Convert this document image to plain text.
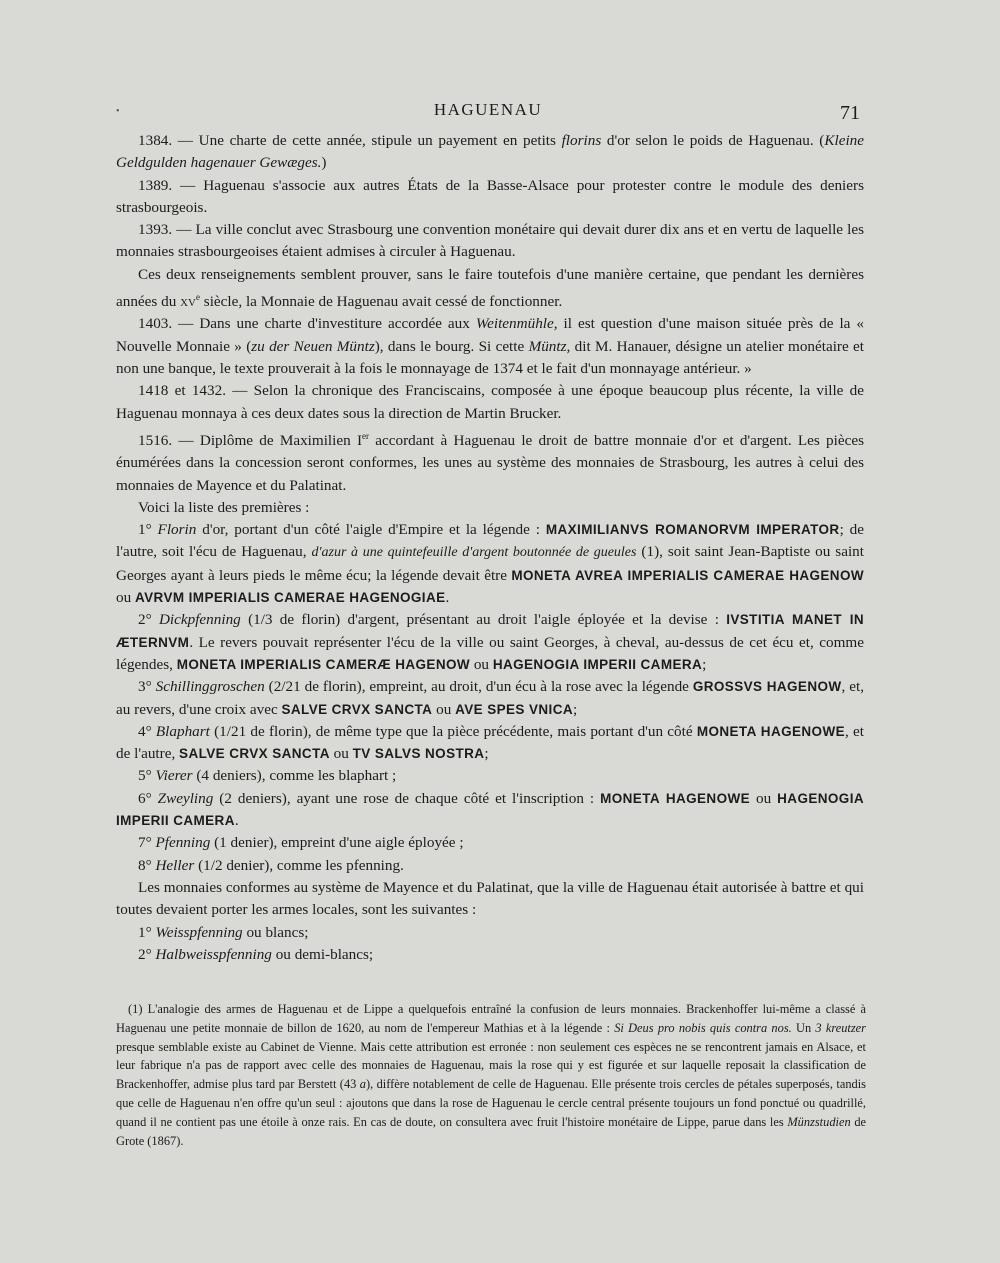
•	HAGUENAU	71

1384. — Une charte de cette année, stipule un payement en petits florins d'or selon le poids de Haguenau. (Kleine Geldgulden hagenauer Gewæges.)

1389. — Haguenau s'associe aux autres États de la Basse-Alsace pour protester contre le module des deniers strasbourgeois.

1393. — La ville conclut avec Strasbourg une convention monétaire qui devait durer dix ans et en vertu de laquelle les monnaies strasbourgeoises étaient admises à circuler à Haguenau.

Ces deux renseignements semblent prouver, sans le faire toutefois d'une manière certaine, que pendant les dernières années du $xv^e$ siècle, la Monnaie de Haguenau avait cessé de fonctionner.

1403. — Dans une charte d'investiture accordée aux Weitenmühle, il est question d'une maison située près de la « Nouvelle Monnaie » (zu der Neuen Müntz), dans le bourg. Si cette Müntz, dit M. Hanauer, désigne un atelier monétaire et non une banque, le texte prouverait à la fois le monnayage de 1374 et le fait d'un monnayage antérieur. »

1418 et 1432. — Selon la chronique des Franciscains, composée à une époque beaucoup plus récente, la ville de Haguenau monnaya à ces deux dates sous la direction de Martin Brucker.

1516. — Diplôme de Maximilien Ier accordant à Haguenau le droit de battre monnaie d'or et d'argent. Les pièces énumérées dans la concession seront conformes, les unes au système des monnaies de Strasbourg, les autres à celui des monnaies de Mayence et du Palatinat.

Voici la liste des premières :

1° Florin d'or, portant d'un côté l'aigle d'Empire et la légende : MAXIMILIANVS ROMANORVM IMPERATOR; de l'autre, soit l'écu de Haguenau, d'azur à une quintefeuille d'argent boutonnée de gueules (1), soit saint Jean-Baptiste ou saint Georges ayant à leurs pieds le même écu; la légende devait être MONETA AVREA IMPERIALIS CAMERAE HAGENOW ou AVRVM IMPERIALIS CAMERAE HAGENOGIAE.

2° Dickpfenning (1/3 de florin) d'argent, présentant au droit l'aigle éployée et la devise : IVSTITIA MANET IN ÆTERNVM. Le revers pouvait représenter l'écu de la ville ou saint Georges, à cheval, au-dessus de cet écu et, comme légendes, MONETA IMPERIALIS CAMERÆ HAGENOW ou HAGENOGIA IMPERII CAMERA;

3° Schillinggroschen (2/21 de florin), empreint, au droit, d'un écu à la rose avec la légende GROSSVS HAGENOW, et, au revers, d'une croix avec SALVE CRVX SANCTA ou AVE SPES VNICA;

4° Blaphart (1/21 de florin), de même type que la pièce précédente, mais portant d'un côté MONETA HAGENOWE, et de l'autre, SALVE CRVX SANCTA ou TV SALVS NOSTRA;

5° Vierer (4 deniers), comme les blaphart ;

6° Zweyling (2 deniers), ayant une rose de chaque côté et l'inscription : MONETA HAGENOWE ou HAGENOGIA IMPERII CAMERA.

7° Pfenning (1 denier), empreint d'une aigle éployée ;

8° Heller (1/2 denier), comme les pfenning.

Les monnaies conformes au système de Mayence et du Palatinat, que la ville de Haguenau était autorisée à battre et qui toutes devaient porter les armes locales, sont les suivantes :

1° Weisspfenning ou blancs;

2° Halbweisspfenning ou demi-blancs;

(1) L'analogie des armes de Haguenau et de Lippe a quelquefois entraîné la confusion de leurs monnaies. Brackenhoffer lui-même a classé à Haguenau une petite monnaie de billon de 1620, au nom de l'empereur Mathias et à la légende : Si Deus pro nobis quis contra nos. Un 3 kreutzer presque semblable existe au Cabinet de Vienne. Mais cette attribution est erronée : non seulement ces espèces ne se rencontrent jamais en Alsace, et leur fabrique n'a pas de rapport avec celle des monnaies de Haguenau, mais la rose qui y est figurée et sur laquelle reposait la classification de Brackenhoffer, admise plus tard par Berstett (43 a), diffère notablement de celle de Haguenau. Elle présente trois cercles de pétales superposés, tandis que celle de Haguenau n'en offre qu'un seul : ajoutons que dans la rose de Haguenau le cercle central présente toujours un fond ponctué ou quadrillé, quand il ne contient pas une étoile à onze rais. En cas de doute, on consultera avec fruit l'histoire monétaire de Lippe, parue dans les Münzstudien de Grote (1867).
